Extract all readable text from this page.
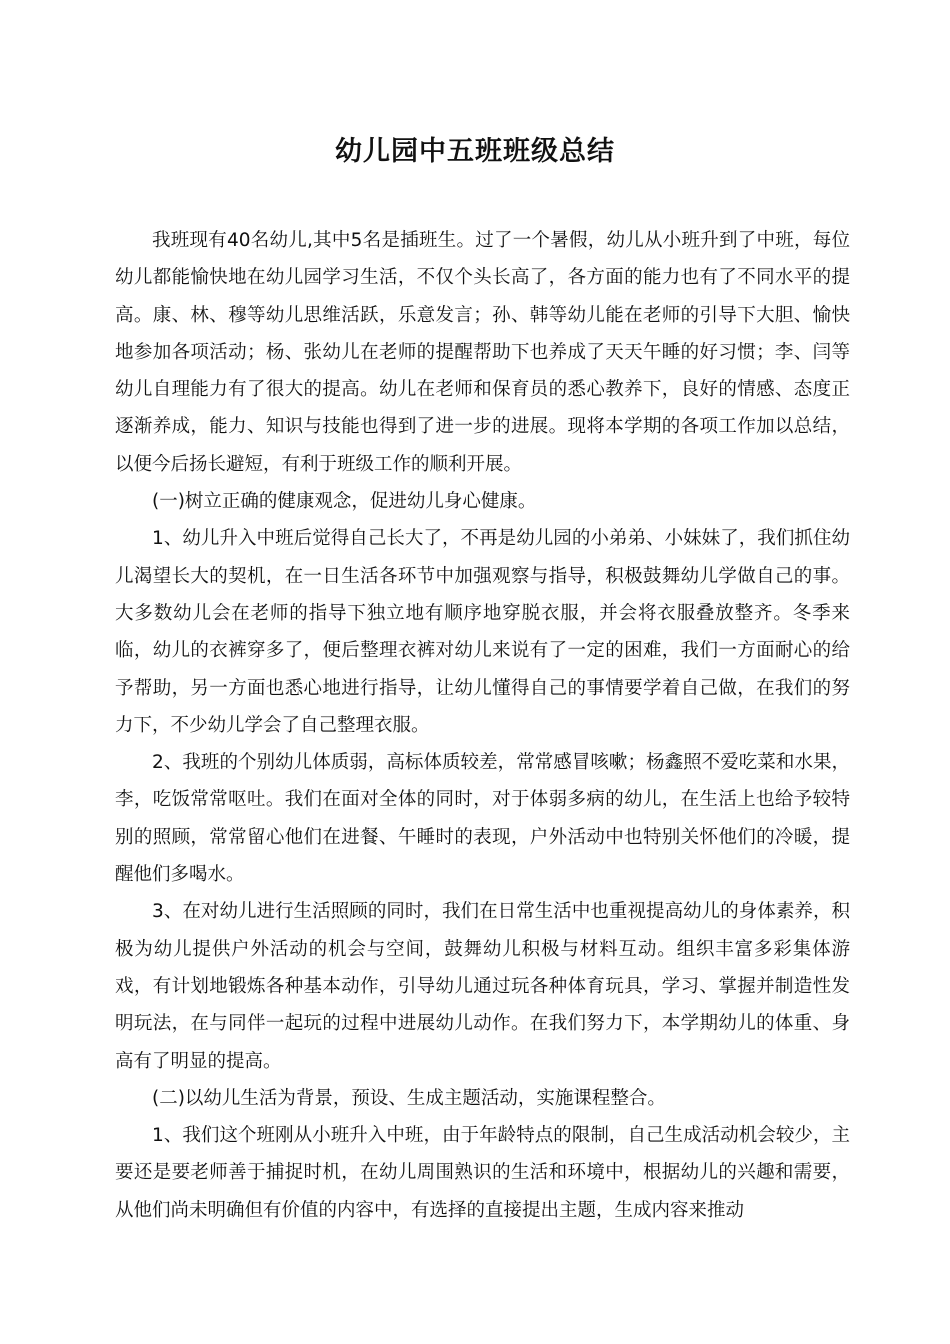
幼儿园中五班班级总结

我班现有40名幼儿,其中5名是插班生。过了一个暑假，幼儿从小班升到了中班，每位幼儿都能愉快地在幼儿园学习生活，不仅个头长高了，各方面的能力也有了不同水平的提高。康、林、穆等幼儿思维活跃，乐意发言；孙、韩等幼儿能在老师的引导下大胆、愉快地参加各项活动；杨、张幼儿在老师的提醒帮助下也养成了天天午睡的好习惯；李、闫等幼儿自理能力有了很大的提高。幼儿在老师和保育员的悉心教养下，良好的情感、态度正逐渐养成，能力、知识与技能也得到了进一步的进展。现将本学期的各项工作加以总结，以便今后扬长避短，有利于班级工作的顺利开展。

(一)树立正确的健康观念，促进幼儿身心健康。

1、幼儿升入中班后觉得自己长大了，不再是幼儿园的小弟弟、小妹妹了，我们抓住幼儿渴望长大的契机，在一日生活各环节中加强观察与指导，积极鼓舞幼儿学做自己的事。大多数幼儿会在老师的指导下独立地有顺序地穿脱衣服，并会将衣服叠放整齐。冬季来临，幼儿的衣裤穿多了，便后整理衣裤对幼儿来说有了一定的困难，我们一方面耐心的给予帮助，另一方面也悉心地进行指导，让幼儿懂得自己的事情要学着自己做，在我们的努力下，不少幼儿学会了自己整理衣服。

2、我班的个别幼儿体质弱，高标体质较差，常常感冒咳嗽；杨鑫照不爱吃菜和水果，李，吃饭常常呕吐。我们在面对全体的同时，对于体弱多病的幼儿，在生活上也给予较特别的照顾，常常留心他们在进餐、午睡时的表现，户外活动中也特别关怀他们的冷暖，提醒他们多喝水。

3、在对幼儿进行生活照顾的同时，我们在日常生活中也重视提高幼儿的身体素养，积极为幼儿提供户外活动的机会与空间，鼓舞幼儿积极与材料互动。组织丰富多彩集体游戏，有计划地锻炼各种基本动作，引导幼儿通过玩各种体育玩具，学习、掌握并制造性发明玩法，在与同伴一起玩的过程中进展幼儿动作。在我们努力下，本学期幼儿的体重、身高有了明显的提高。

(二)以幼儿生活为背景，预设、生成主题活动，实施课程整合。

1、我们这个班刚从小班升入中班，由于年龄特点的限制，自己生成活动机会较少，主要还是要老师善于捕捉时机，在幼儿周围熟识的生活和环境中，根据幼儿的兴趣和需要，从他们尚未明确但有价值的内容中，有选择的直接提出主题，生成内容来推动
